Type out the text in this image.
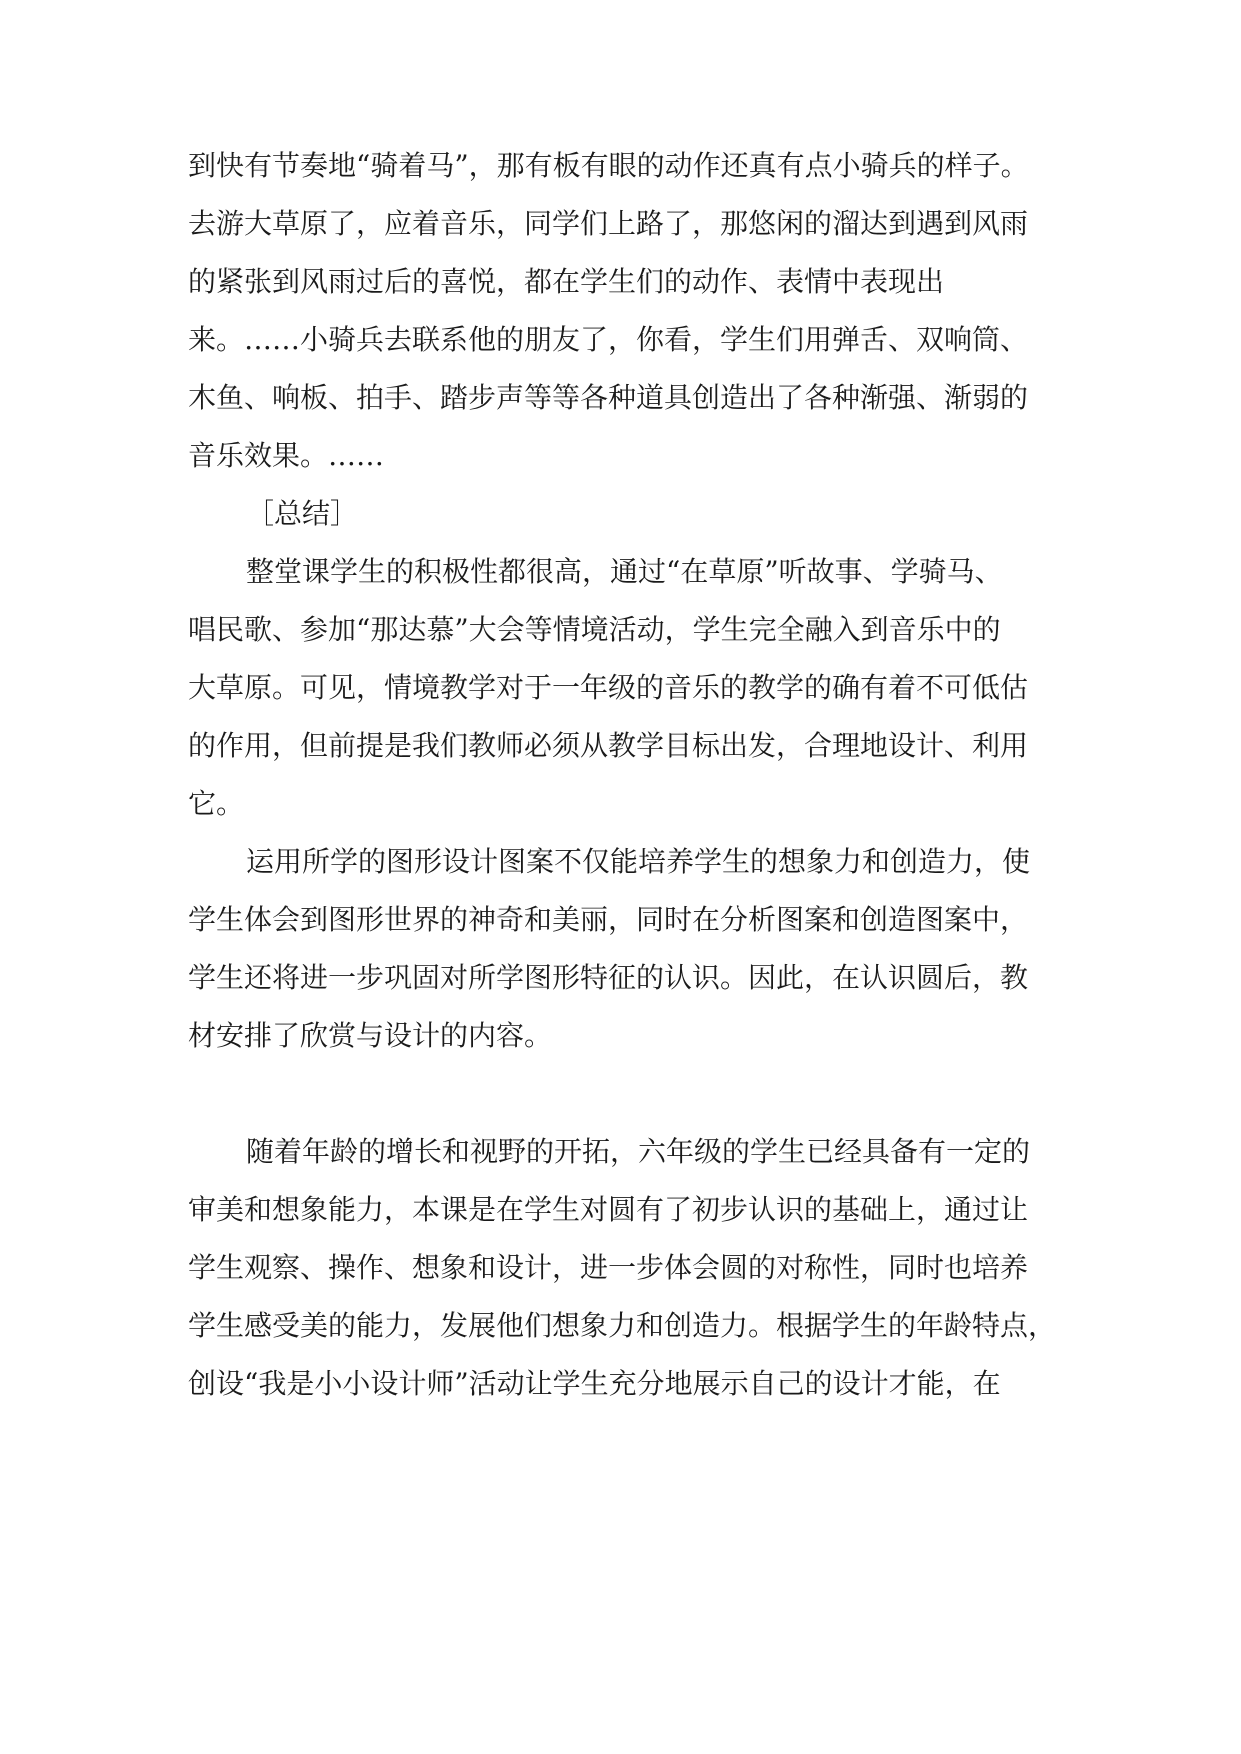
到快有节奏地“骑着马”，那有板有眼的动作还真有点小骑兵的样子。
去游大草原了，应着音乐，同学们上路了，那悠闲的溜达到遇到风雨
的紧张到风雨过后的喜悦，都在学生们的动作、表情中表现出
来。……小骑兵去联系他的朋友了，你看，学生们用弹舌、双响筒、
木鱼、响板、拍手、踏步声等等各种道具创造出了各种渐强、渐弱的
音乐效果。……
［总结］
整堂课学生的积极性都很高，通过“在草原”听故事、学骑马、
唱民歌、参加“那达慕”大会等情境活动，学生完全融入到音乐中的
大草原。可见，情境教学对于一年级的音乐的教学的确有着不可低估
的作用，但前提是我们教师必须从教学目标出发，合理地设计、利用
它。
运用所学的图形设计图案不仅能培养学生的想象力和创造力，使
学生体会到图形世界的神奇和美丽，同时在分析图案和创造图案中，
学生还将进一步巩固对所学图形特征的认识。因此，在认识圆后，教
材安排了欣赏与设计的内容。
随着年龄的增长和视野的开拓，六年级的学生已经具备有一定的
审美和想象能力，本课是在学生对圆有了初步认识的基础上，通过让
学生观察、操作、想象和设计，进一步体会圆的对称性，同时也培养
学生感受美的能力，发展他们想象力和创造力。根据学生的年龄特点，
创设“我是小小设计师”活动让学生充分地展示自己的设计才能，在
